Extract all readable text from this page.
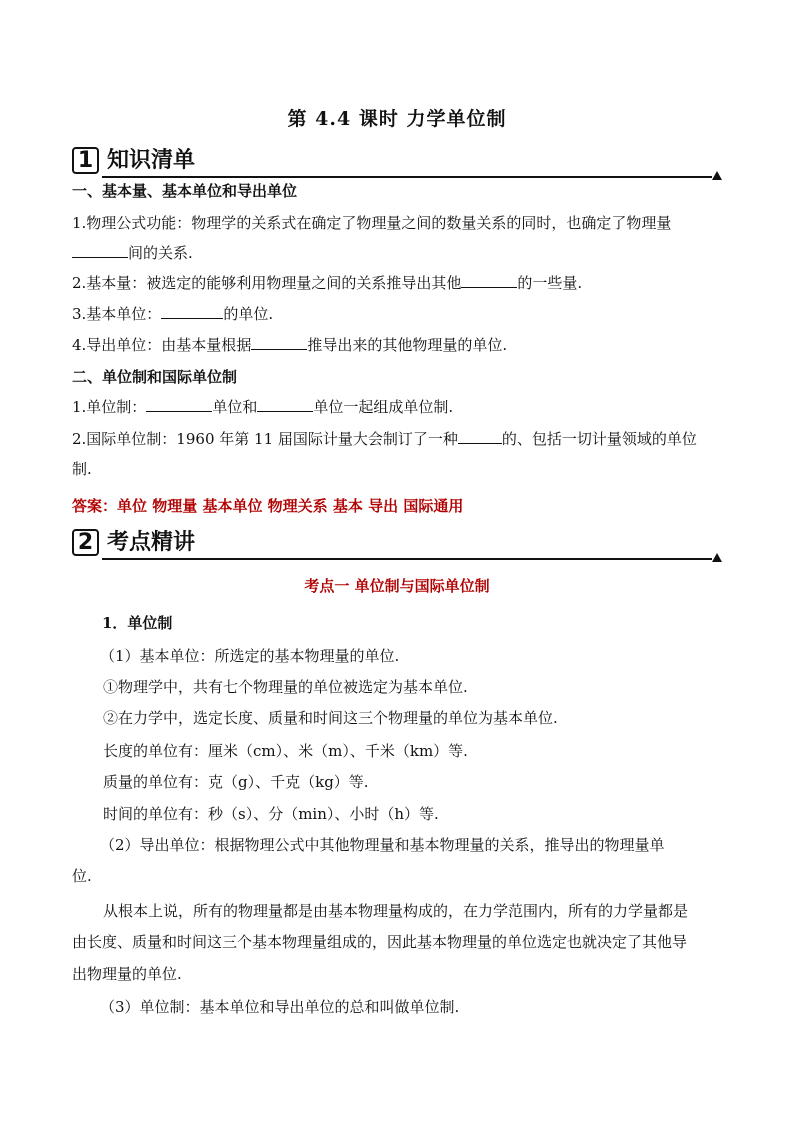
第 4.4 课时 力学单位制
1 知识清单
一、基本量、基本单位和导出单位
1.物理公式功能：物理学的关系式在确定了物理量之间的数量关系的同时，也确定了物理量
间的关系.
2.基本量：被选定的能够利用物理量之间的关系推导出其他	的一些量.
3.基本单位：	的单位.
4.导出单位：由基本量根据	推导出来的其他物理量的单位.
二、单位制和国际单位制
1.单位制：	单位和	单位一起组成单位制.
2.国际单位制：1960 年第 11 届国际计量大会制订了一种	的、包括一切计量领域的单位
制.
答案：单位 物理量 基本单位 物理关系 基本 导出 国际通用
2 考点精讲
考点一 单位制与国际单位制
1．单位制
（1）基本单位：所选定的基本物理量的单位.
①物理学中，共有七个物理量的单位被选定为基本单位.
②在力学中，选定长度、质量和时间这三个物理量的单位为基本单位.
长度的单位有：厘米（cm）、米（m）、千米（km）等.
质量的单位有：克（g）、千克（kg）等.
时间的单位有：秒（s）、分（min）、小时（h）等.
（2）导出单位：根据物理公式中其他物理量和基本物理量的关系，推导出的物理量单
位.
从根本上说，所有的物理量都是由基本物理量构成的，在力学范围内，所有的力学量都是
由长度、质量和时间这三个基本物理量组成的，因此基本物理量的单位选定也就决定了其他导
出物理量的单位.
（3）单位制：基本单位和导出单位的总和叫做单位制.
